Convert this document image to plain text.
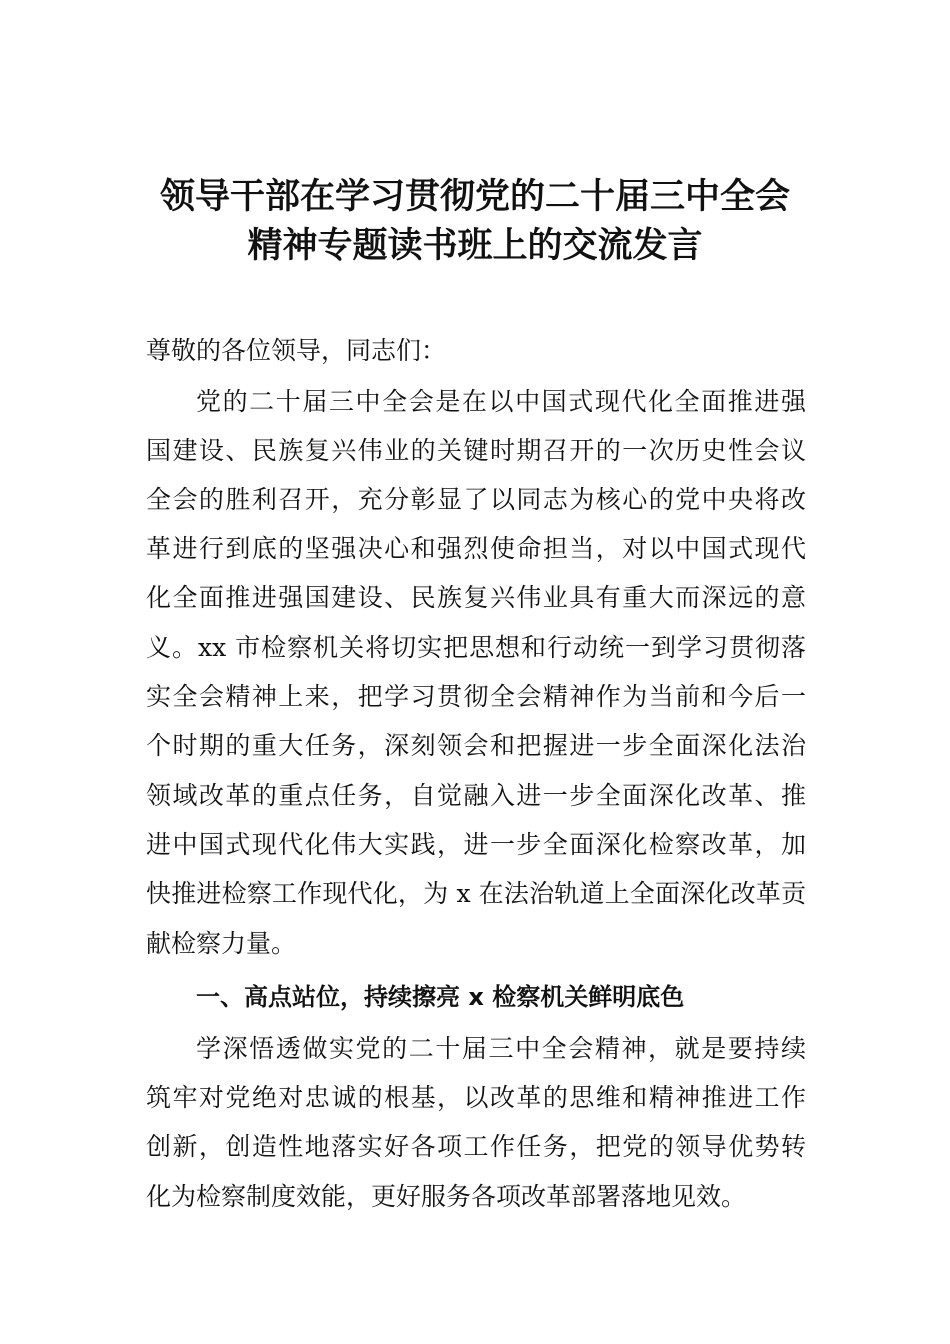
领导干部在学习贯彻党的二十届三中全会
精神专题读书班上的交流发言
尊敬的各位领导，同志们：
党的二十届三中全会是在以中国式现代化全面推进强
国建设、民族复兴伟业的关键时期召开的一次历史性会议
全会的胜利召开，充分彰显了以同志为核心的党中央将改
革进行到底的坚强决心和强烈使命担当，对以中国式现代
化全面推进强国建设、民族复兴伟业具有重大而深远的意
义。xx 市检察机关将切实把思想和行动统一到学习贯彻落
实全会精神上来，把学习贯彻全会精神作为当前和今后一
个时期的重大任务，深刻领会和把握进一步全面深化法治
领域改革的重点任务，自觉融入进一步全面深化改革、推
进中国式现代化伟大实践，进一步全面深化检察改革，加
快推进检察工作现代化，为 x 在法治轨道上全面深化改革贡
献检察力量。
一、高点站位，持续擦亮 x 检察机关鲜明底色
学深悟透做实党的二十届三中全会精神，就是要持续
筑牢对党绝对忠诚的根基，以改革的思维和精神推进工作
创新，创造性地落实好各项工作任务，把党的领导优势转
化为检察制度效能，更好服务各项改革部署落地见效。
